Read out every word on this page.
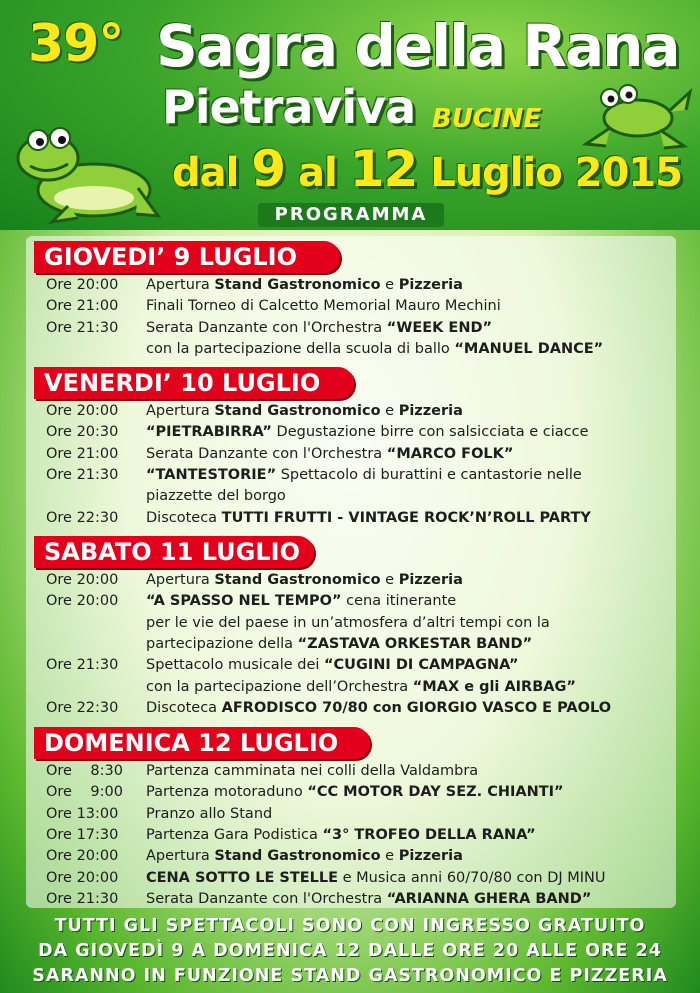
39° Sagra della Rana
Pietraviva BUCINE
dal 9 al 12 Luglio 2015
PROGRAMMA
GIOVEDI’ 9 LUGLIO
Ore 20:00 Apertura Stand Gastronomico e Pizzeria
Ore 21:00 Finali Torneo di Calcetto Memorial Mauro Mechini
Ore 21:30 Serata Danzante con l'Orchestra “WEEK END”
con la partecipazione della scuola di ballo “MANUEL DANCE”
VENERDI’ 10 LUGLIO
Ore 20:00 Apertura Stand Gastronomico e Pizzeria
Ore 20:30 “PIETRABIRRA” Degustazione birre con salsicciata e ciacce
Ore 21:00 Serata Danzante con l'Orchestra “MARCO FOLK”
Ore 21:30 “TANTESTORIE” Spettacolo di burattini e cantastorie nelle
piazzette del borgo
Ore 22:30 Discoteca TUTTI FRUTTI - VINTAGE ROCK’N’ROLL PARTY
SABATO 11 LUGLIO
Ore 20:00 Apertura Stand Gastronomico e Pizzeria
Ore 20:00 “A SPASSO NEL TEMPO” cena itinerante
per le vie del paese in un’atmosfera d’altri tempi con la
partecipazione della “ZASTAVA ORKESTAR BAND”
Ore 21:30 Spettacolo musicale dei “CUGINI DI CAMPAGNA”
con la partecipazione dell’Orchestra “MAX e gli AIRBAG”
Ore 22:30 Discoteca AFRODISCO 70/80 con GIORGIO VASCO E PAOLO
DOMENICA 12 LUGLIO
Ore    8:30 Partenza camminata nei colli della Valdambra
Ore    9:00 Partenza motoraduno “CC MOTOR DAY SEZ. CHIANTI”
Ore 13:00 Pranzo allo Stand
Ore 17:30 Partenza Gara Podistica “3° TROFEO DELLA RANA”
Ore 20:00 Apertura Stand Gastronomico e Pizzeria
Ore 20:00 CENA SOTTO LE STELLE e Musica anni 60/70/80 con DJ MINU
Ore 21:30 Serata Danzante con l'Orchestra “ARIANNA GHERA BAND”
TUTTI GLI SPETTACOLI SONO CON INGRESSO GRATUITO
DA GIOVEDÌ 9 A DOMENICA 12 DALLE ORE 20 ALLE ORE 24
SARANNO IN FUNZIONE STAND GASTRONOMICO E PIZZERIA
